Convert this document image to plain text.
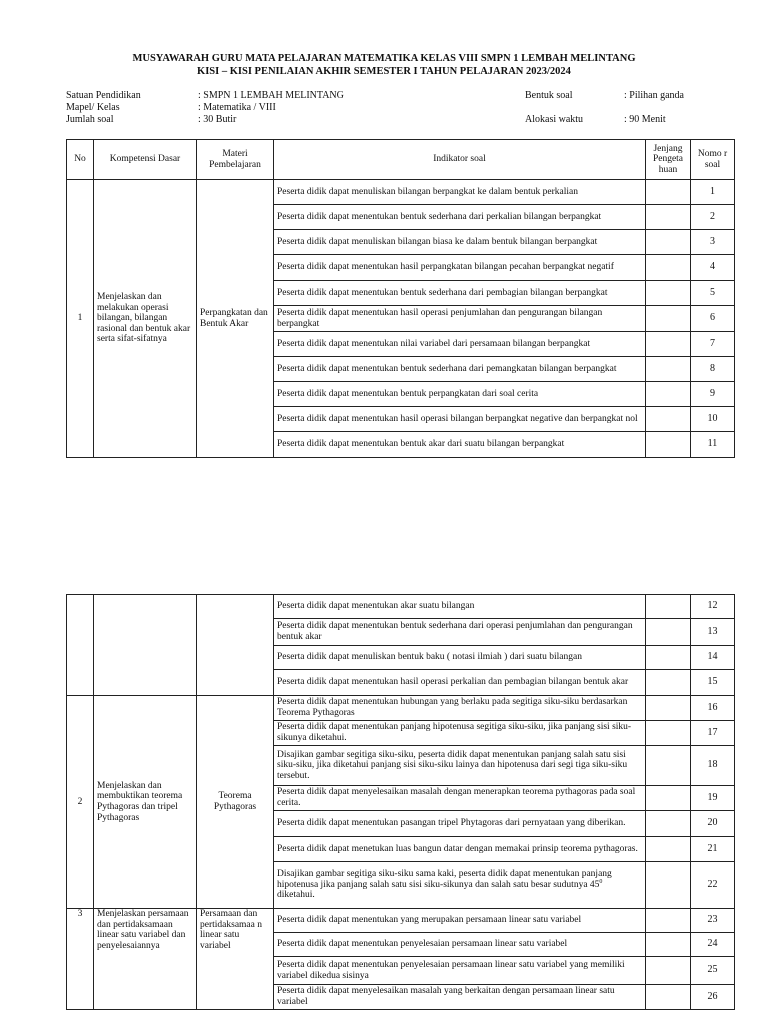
MUSYAWARAH GURU MATA PELAJARAN MATEMATIKA KELAS VIII SMPN 1 LEMBAH MELINTANG
KISI – KISI PENILAIAN AKHIR SEMESTER I TAHUN PELAJARAN 2023/2024
Satuan Pendidikan	: SMPN 1 LEMBAH MELINTANG
Mapel/ Kelas	: Matematika / VIII
Jumlah soal	: 30 Butir
Bentuk soal	: Pilihan ganda
Alokasi waktu	: 90 Menit
No	Kompetensi Dasar	Materi Pembelajaran	Indikator soal	Jenjang Pengeta huan	Nomo r soal
1	Menjelaskan dan melakukan operasi bilangan, bilangan rasional dan bentuk akar serta sifat-sifatnya	Perpangkatan dan Bentuk Akar	Peserta didik dapat menuliskan bilangan berpangkat ke dalam bentuk perkalian		1
			Peserta didik dapat menentukan bentuk sederhana dari perkalian bilangan berpangkat		2
			Peserta didik dapat menuliskan bilangan biasa ke dalam bentuk bilangan berpangkat		3
			Peserta didik dapat menentukan hasil perpangkatan bilangan pecahan berpangkat negatif		4
			Peserta didik dapat menentukan bentuk sederhana dari pembagian bilangan berpangkat		5
			Peserta didik dapat menentukan hasil operasi penjumlahan dan pengurangan bilangan berpangkat		6
			Peserta didik dapat menentukan nilai variabel dari persamaan bilangan berpangkat		7
			Peserta didik dapat menentukan bentuk sederhana dari pemangkatan bilangan berpangkat		8
			Peserta didik dapat menentukan bentuk perpangkatan dari soal cerita		9
			Peserta didik dapat menentukan hasil operasi bilangan berpangkat negative dan berpangkat nol		10
			Peserta didik dapat menentukan bentuk akar dari suatu bilangan berpangkat		11
			Peserta didik dapat menentukan akar suatu bilangan		12
			Peserta didik dapat menentukan bentuk sederhana dari operasi penjumlahan dan pengurangan bentuk akar		13
			Peserta didik dapat menuliskan bentuk baku ( notasi ilmiah ) dari suatu bilangan		14
			Peserta didik dapat menentukan hasil operasi perkalian dan pembagian bilangan bentuk akar		15
2	Menjelaskan dan membuktikan teorema Pythagoras dan tripel Pythagoras	Teorema Pythagoras	Peserta didik dapat menentukan hubungan yang berlaku pada segitiga siku-siku berdasarkan Teorema Pythagoras		16
			Peserta didik dapat menentukan panjang hipotenusa segitiga siku-siku, jika panjang sisi siku-sikunya diketahui.		17
			Disajikan gambar segitiga siku-siku, peserta didik dapat menentukan panjang salah satu sisi siku-siku, jika diketahui panjang sisi siku-siku lainya dan hipotenusa dari segi tiga siku-siku tersebut.		18
			Peserta didik dapat menyelesaikan masalah dengan menerapkan teorema pythagoras pada soal cerita.		19
			Peserta didik dapat menentukan pasangan tripel Phytagoras dari pernyataan yang diberikan.		20
			Peserta didik dapat menetukan luas bangun datar dengan memakai prinsip teorema pythagoras.		21
			Disajikan gambar segitiga siku-siku sama kaki, peserta didik dapat menentukan panjang hipotenusa jika panjang salah satu sisi siku-sikunya dan salah satu besar sudutnya $45^0$ diketahui.		22
3	Menjelaskan persamaan dan pertidaksamaan linear satu variabel dan penyelesaiannya	Persamaan dan pertidaksamaa n linear satu variabel	Peserta didik dapat menentukan yang merupakan persamaan linear satu variabel		23
			Peserta didik dapat menentukan penyelesaian persamaan linear satu variabel		24
			Peserta didik dapat menentukan penyelesaian persamaan linear satu variabel yang memiliki variabel dikedua sisinya		25
			Peserta didik dapat menyelesaikan masalah yang berkaitan dengan persamaan linear satu variabel		26
